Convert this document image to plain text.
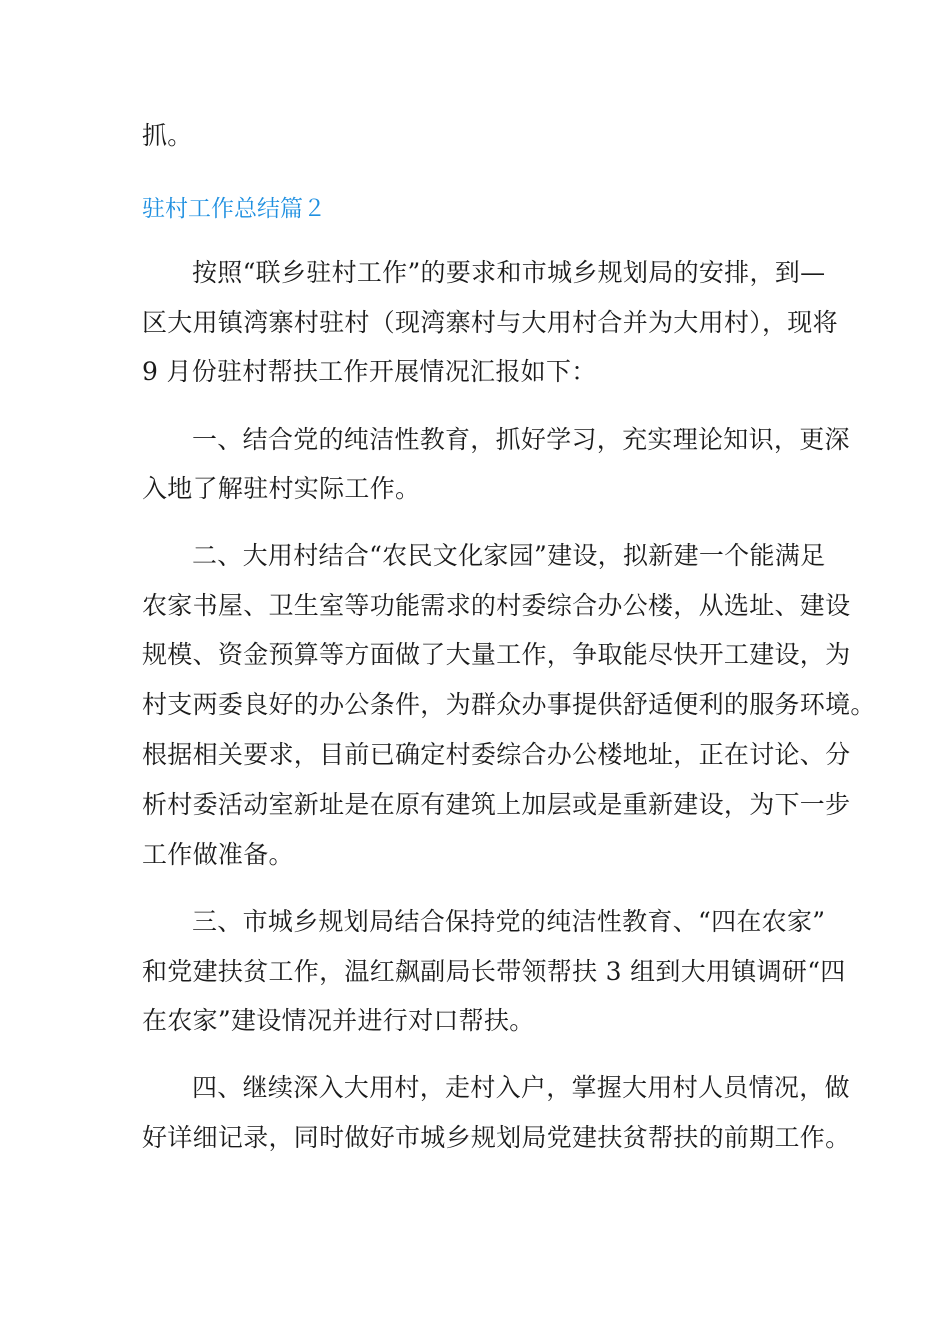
抓。
驻村工作总结篇２
按照“联乡驻村工作”的要求和市城乡规划局的安排，到—
区大用镇湾寨村驻村（现湾寨村与大用村合并为大用村），现将
9 月份驻村帮扶工作开展情况汇报如下：
一、结合党的纯洁性教育，抓好学习，充实理论知识，更深
入地了解驻村实际工作。
二、大用村结合“农民文化家园”建设，拟新建一个能满足
农家书屋、卫生室等功能需求的村委综合办公楼，从选址、建设
规模、资金预算等方面做了大量工作，争取能尽快开工建设，为
村支两委良好的办公条件，为群众办事提供舒适便利的服务环境。
根据相关要求，目前已确定村委综合办公楼地址，正在讨论、分
析村委活动室新址是在原有建筑上加层或是重新建设，为下一步
工作做准备。
三、市城乡规划局结合保持党的纯洁性教育、“四在农家”
和党建扶贫工作，温红飙副局长带领帮扶 3 组到大用镇调研“四
在农家”建设情况并进行对口帮扶。
四、继续深入大用村，走村入户，掌握大用村人员情况，做
好详细记录，同时做好市城乡规划局党建扶贫帮扶的前期工作。
